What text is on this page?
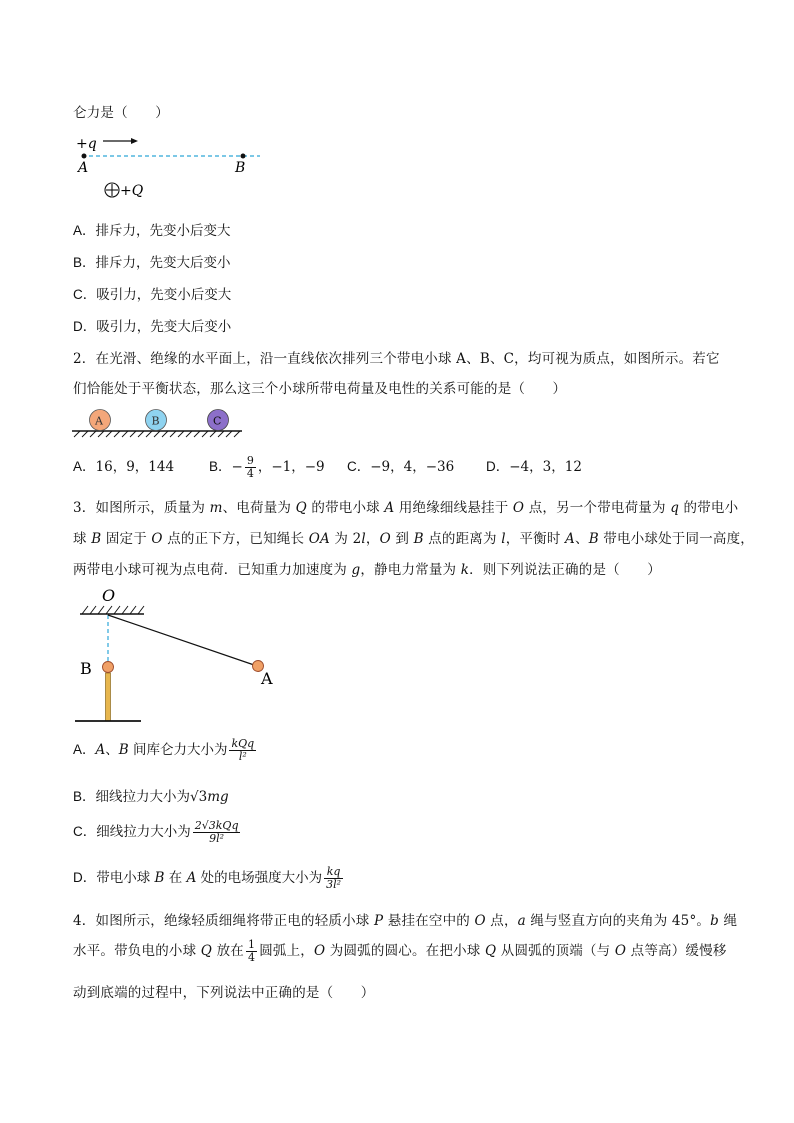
仑力是（　　）
+q
A	B
+Q
A．排斥力，先变小后变大
B．排斥力，先变大后变小
C．吸引力，先变小后变大
D．吸引力，先变大后变小
2．在光滑、绝缘的水平面上，沿一直线依次排列三个带电小球 A、B、C，均可视为质点，如图所示。若它
们恰能处于平衡状态，那么这三个小球所带电荷量及电性的关系可能的是（　　）
A	B	C
A．16，9，144	B．− $\frac{9}{4}$ ，−1，−9 C．−9，4，−36 D．−4，3，12
3．如图所示，质量为 m、电荷量为 Q 的带电小球 A 用绝缘细线悬挂于 O 点，另一个带电荷量为 q 的带电小
球 B 固定于 O 点的正下方，已知绳长 OA 为 2l，O 到 B 点的距离为 l，平衡时 A、B 带电小球处于同一高度，
两带电小球可视为点电荷．已知重力加速度为 g，静电力常量为 k．则下列说法正确的是（　　）
O
B
A
A．A、B 间库仑力大小为 $\frac{\text{kQq}}{\text{l²}}$
B．细线拉力大小为√3mg
C．细线拉力大小为 $\frac{\text{2√3kQq}}{\text{9l²}}$
D．带电小球 B 在 A 处的电场强度大小为 $\frac{kq}{\text{3l²}}$
4．如图所示，绝缘轻质细绳将带正电的轻质小球 P 悬挂在空中的 O 点，a 绳与竖直方向的夹角为 45°。b 绳
水平。带负电的小球 Q 放在 $\frac{1}{4}$ 圆弧上，O 为圆弧的圆心。在把小球 Q 从圆弧的顶端（与 O 点等高）缓慢移
动到底端的过程中，下列说法中正确的是（　　）
